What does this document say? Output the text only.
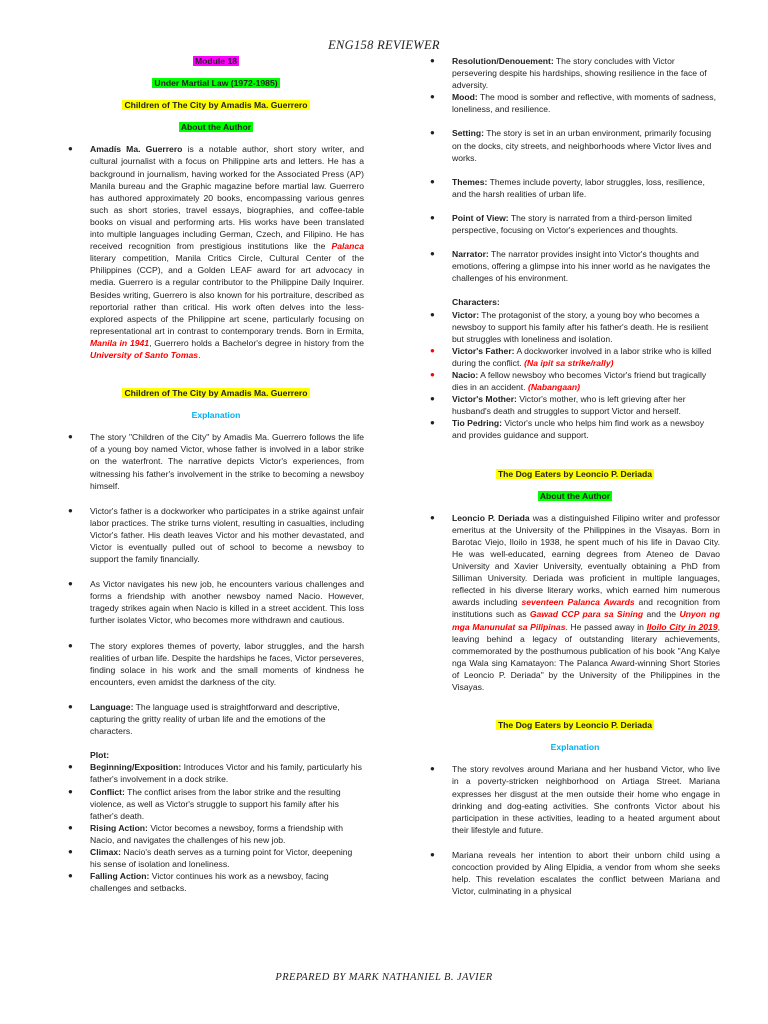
ENG158 REVIEWER

Module 18

Under Martial Law (1972-1985)

Children of The City by Amadis Ma. Guerrero

About the Author

● Amadís Ma. Guerrero is a notable author, short story writer, and cultural journalist with a focus on Philippine arts and letters. He has a background in journalism, having worked for the Associated Press (AP) Manila bureau and the Graphic magazine before martial law. Guerrero has authored approximately 20 books, encompassing various genres such as short stories, travel essays, biographies, and coffee-table books on visual and performing arts. His works have been translated into multiple languages including German, Czech, and Filipino. He has received recognition from prestigious institutions like the Palanca literary competition, Manila Critics Circle, Cultural Center of the Philippines (CCP), and a Golden LEAF award for art advocacy in media. Guerrero is a regular contributor to the Philippine Daily Inquirer. Besides writing, Guerrero is also known for his portraiture, described as reportorial rather than critical. His work often delves into the less-explored aspects of the Philippine art scene, particularly focusing on representational art in contrast to contemporary trends. Born in Ermita, Manila in 1941, Guerrero holds a Bachelor's degree in history from the University of Santo Tomas.

Children of The City by Amadis Ma. Guerrero

Explanation

● The story "Children of the City" by Amadis Ma. Guerrero follows the life of a young boy named Victor, whose father is involved in a labor strike on the waterfront. The narrative depicts Victor's experiences, from witnessing his father's involvement in the strike to becoming a newsboy himself.
● Victor's father is a dockworker who participates in a strike against unfair labor practices. The strike turns violent, resulting in casualties, including Victor's father. His death leaves Victor and his mother devastated, and Victor is eventually pulled out of school to become a newsboy to support the family financially.
● As Victor navigates his new job, he encounters various challenges and forms a friendship with another newsboy named Nacio. However, tragedy strikes again when Nacio is killed in a street accident. This loss further isolates Victor, who becomes more withdrawn and cautious.
● The story explores themes of poverty, labor struggles, and the harsh realities of urban life. Despite the hardships he faces, Victor perseveres, finding solace in his work and the small moments of kindness he encounters, even amidst the darkness of the city.
● Language: The language used is straightforward and descriptive, capturing the gritty reality of urban life and the emotions of the characters.

Plot:

● Beginning/Exposition: Introduces Victor and his family, particularly his father's involvement in a dock strike.
● Conflict: The conflict arises from the labor strike and the resulting violence, as well as Victor's struggle to support his family after his father's death.
● Rising Action: Victor becomes a newsboy, forms a friendship with Nacio, and navigates the challenges of his new job.
● Climax: Nacio's death serves as a turning point for Victor, deepening his sense of isolation and loneliness.
● Falling Action: Victor continues his work as a newsboy, facing challenges and setbacks.
● Resolution/Denouement: The story concludes with Victor persevering despite his hardships, showing resilience in the face of adversity.
● Mood: The mood is somber and reflective, with moments of sadness, loneliness, and resilience.
● Setting: The story is set in an urban environment, primarily focusing on the docks, city streets, and neighborhoods where Victor lives and works.
● Themes: Themes include poverty, labor struggles, loss, resilience, and the harsh realities of urban life.
● Point of View: The story is narrated from a third-person limited perspective, focusing on Victor's experiences and thoughts.
● Narrator: The narrator provides insight into Victor's thoughts and emotions, offering a glimpse into his inner world as he navigates the challenges of his environment.

Characters:

● Victor: The protagonist of the story, a young boy who becomes a newsboy to support his family after his father's death. He is resilient but struggles with loneliness and isolation.
● Victor's Father: A dockworker involved in a labor strike who is killed during the conflict. (Na ipit sa strike/rally)
● Nacio: A fellow newsboy who becomes Victor's friend but tragically dies in an accident. (Nabangaan)
● Victor's Mother: Victor's mother, who is left grieving after her husband's death and struggles to support Victor and herself.
● Tio Pedring: Victor's uncle who helps him find work as a newsboy and provides guidance and support.

The Dog Eaters by Leoncio P. Deriada

About the Author

● Leoncio P. Deriada was a distinguished Filipino writer and professor emeritus at the University of the Philippines in the Visayas. Born in Barotac Viejo, Iloilo in 1938, he spent much of his life in Davao City. He was well-educated, earning degrees from Ateneo de Davao University and Xavier University, eventually obtaining a PhD from Silliman University. Deriada was proficient in multiple languages, reflected in his diverse literary works, which earned him numerous awards including seventeen Palanca Awards and recognition from institutions such as Gawad CCP para sa Sining and the Unyon ng mga Manunulat sa Pilipinas. He passed away in Iloilo City in 2019, leaving behind a legacy of outstanding literary achievements, commemorated by the posthumous publication of his book "Ang Kalye nga Wala sing Kamatayon: The Palanca Award-winning Short Stories of Leoncio P. Deriada" by the University of the Philippines in the Visayas.

The Dog Eaters by Leoncio P. Deriada

Explanation

● The story revolves around Mariana and her husband Victor, who live in a poverty-stricken neighborhood on Artiaga Street. Mariana expresses her disgust at the men outside their home who engage in drinking and dog-eating activities. She confronts Victor about his participation in these activities, leading to a heated argument about their lifestyle and future.
● Mariana reveals her intention to abort their unborn child using a concoction provided by Aling Elpidia, a vendor from whom she seeks help. This revelation escalates the conflict between Mariana and Victor, culminating in a physical
PREPARED BY MARK NATHANIEL B. JAVIER
